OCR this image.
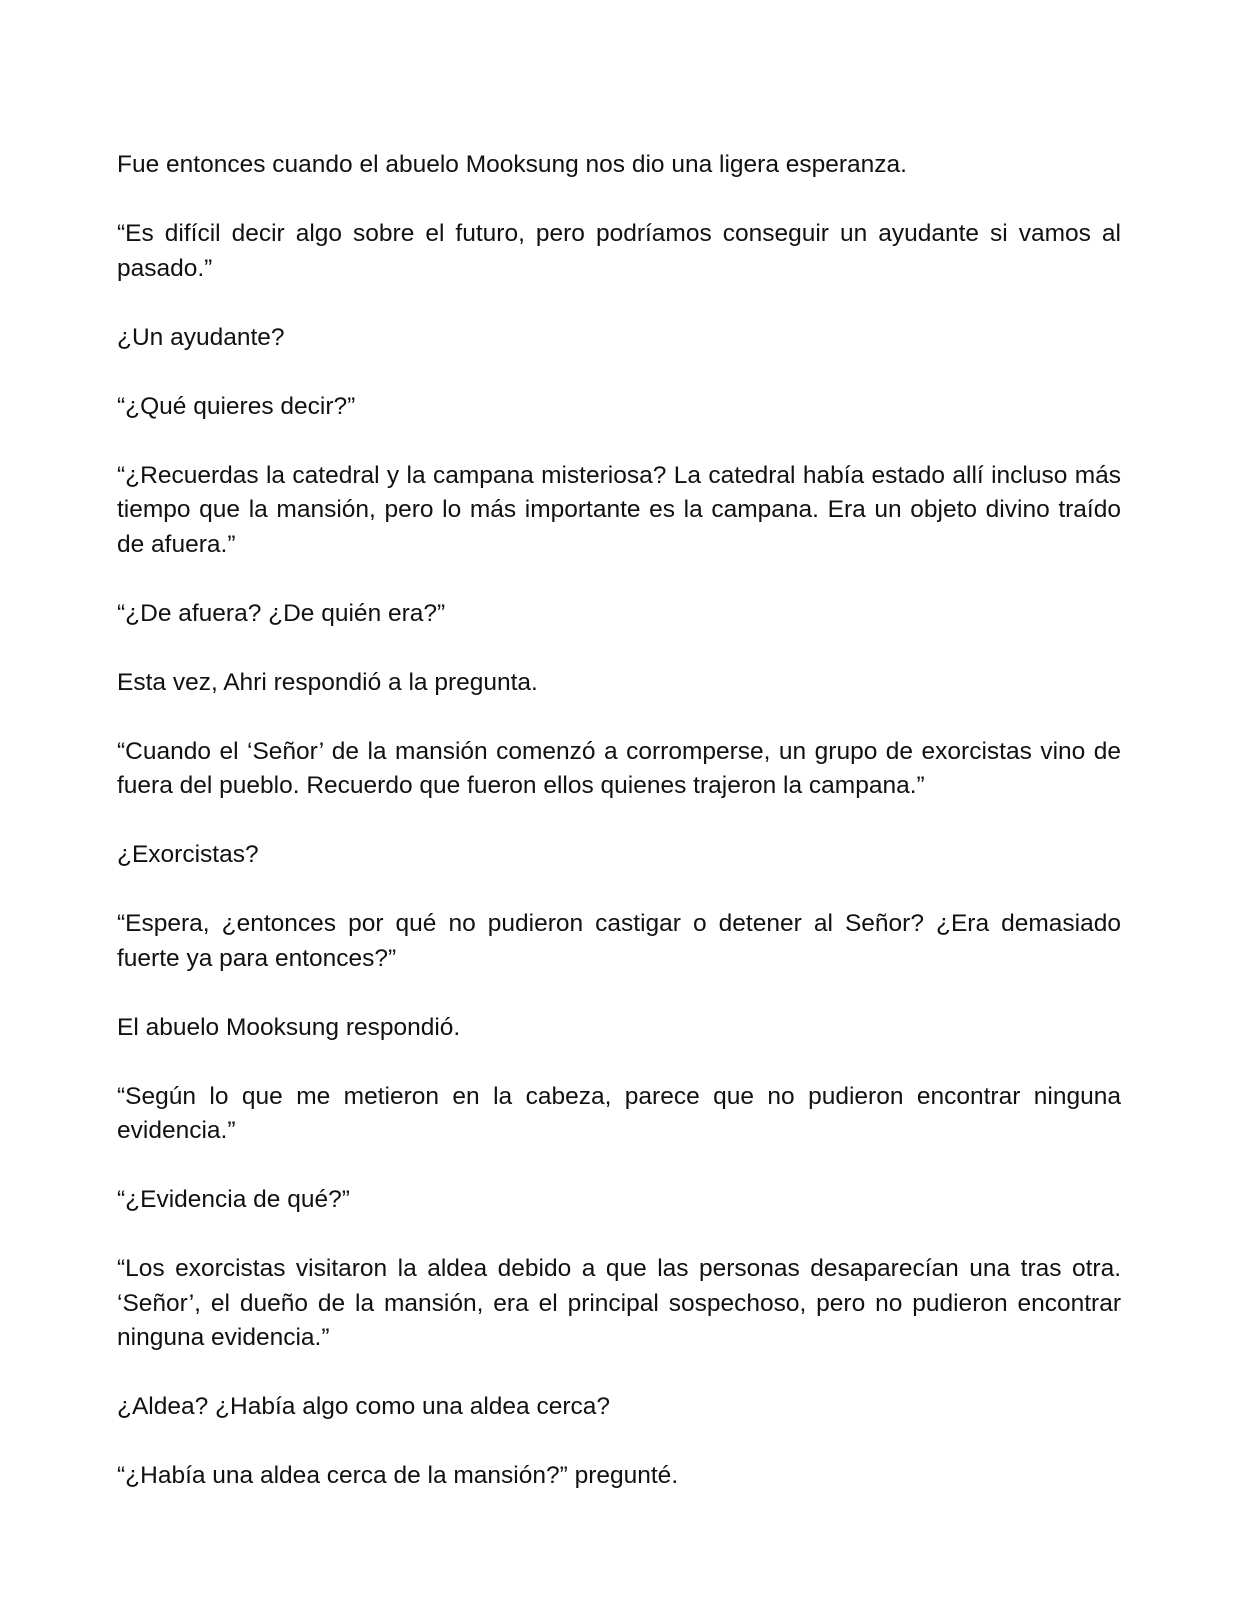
Fue entonces cuando el abuelo Mooksung nos dio una ligera esperanza.

“Es difícil decir algo sobre el futuro, pero podríamos conseguir un ayudante si vamos al pasado.”

¿Un ayudante?

“¿Qué quieres decir?”

“¿Recuerdas la catedral y la campana misteriosa? La catedral había estado allí incluso más tiempo que la mansión, pero lo más importante es la campana. Era un objeto divino traído de afuera.”

“¿De afuera? ¿De quién era?”

Esta vez, Ahri respondió a la pregunta.

“Cuando el ‘Señor’ de la mansión comenzó a corromperse, un grupo de exorcistas vino de fuera del pueblo. Recuerdo que fueron ellos quienes trajeron la campana.”

¿Exorcistas?

“Espera, ¿entonces por qué no pudieron castigar o detener al Señor? ¿Era demasiado fuerte ya para entonces?”

El abuelo Mooksung respondió.

“Según lo que me metieron en la cabeza, parece que no pudieron encontrar ninguna evidencia.”

“¿Evidencia de qué?”

“Los exorcistas visitaron la aldea debido a que las personas desaparecían una tras otra. ‘Señor’, el dueño de la mansión, era el principal sospechoso, pero no pudieron encontrar ninguna evidencia.”

¿Aldea? ¿Había algo como una aldea cerca?

“¿Había una aldea cerca de la mansión?” pregunté.
